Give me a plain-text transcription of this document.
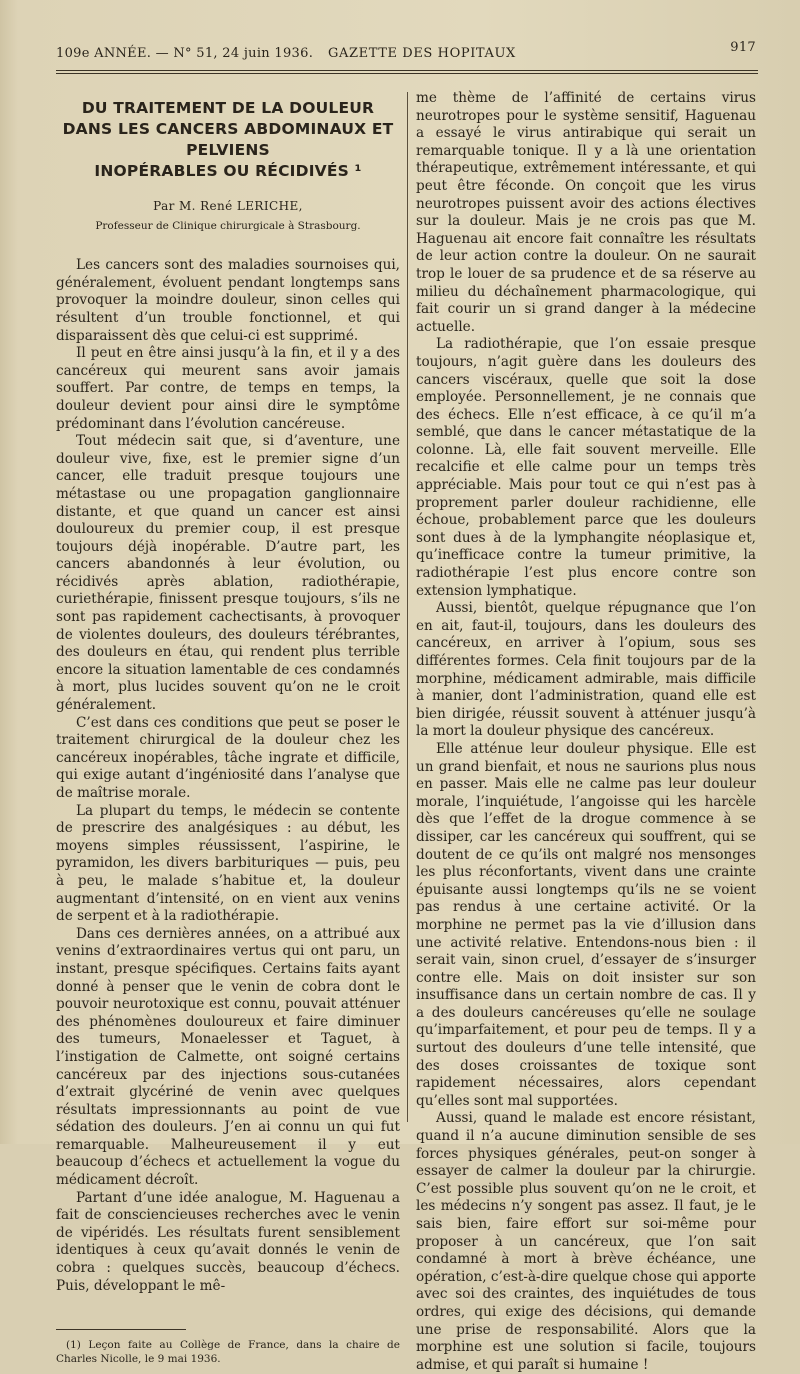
109e ANNÉE. — N° 51, 24 juin 1936. GAZETTE DES HOPITAUX	917
DU TRAITEMENT DE LA DOULEUR
DANS LES CANCERS ABDOMINAUX ET PELVIENS
INOPÉRABLES OU RÉCIDIVÉS ¹
Par M. René LERICHE,
Professeur de Clinique chirurgicale à Strasbourg.

Les cancers sont des maladies sournoises qui, généralement, évoluent pendant longtemps sans provoquer la moindre douleur, sinon celles qui résultent d’un trouble fonctionnel, et qui disparaissent dès que celui-ci est supprimé.

Il peut en être ainsi jusqu’à la fin, et il y a des cancéreux qui meurent sans avoir jamais souffert. Par contre, de temps en temps, la douleur devient pour ainsi dire le symptôme prédominant dans l’évolution cancéreuse.

Tout médecin sait que, si d’aventure, une douleur vive, fixe, est le premier signe d’un cancer, elle traduit presque toujours une métastase ou une propagation ganglionnaire distante, et que quand un cancer est ainsi douloureux du premier coup, il est presque toujours déjà inopérable. D’autre part, les cancers abandonnés à leur évolution, ou récidivés après ablation, radiothérapie, curiethérapie, finissent presque toujours, s’ils ne sont pas rapidement cachectisants, à provoquer de violentes douleurs, des douleurs térébrantes, des douleurs en étau, qui rendent plus terrible encore la situation lamentable de ces condamnés à mort, plus lucides souvent qu’on ne le croit généralement.

C’est dans ces conditions que peut se poser le traitement chirurgical de la douleur chez les cancéreux inopérables, tâche ingrate et difficile, qui exige autant d’ingéniosité dans l’analyse que de maîtrise morale.

La plupart du temps, le médecin se contente de prescrire des analgésiques : au début, les moyens simples réussissent, l’aspirine, le pyramidon, les divers barbituriques — puis, peu à peu, le malade s’habitue et, la douleur augmentant d’intensité, on en vient aux venins de serpent et à la radiothérapie.

Dans ces dernières années, on a attribué aux venins d’extraordinaires vertus qui ont paru, un instant, presque spécifiques. Certains faits ayant donné à penser que le venin de cobra dont le pouvoir neurotoxique est connu, pouvait atténuer des phénomènes douloureux et faire diminuer des tumeurs, Monaelesser et Taguet, à l’instigation de Calmette, ont soigné certains cancéreux par des injections sous-cutanées d’extrait glycériné de venin avec quelques résultats impressionnants au point de vue sédation des douleurs. J’en ai connu un qui fut remarquable. Malheureusement il y eut beaucoup d’échecs et actuellement la vogue du médicament décroît.

Partant d’une idée analogue, M. Haguenau a fait de consciencieuses recherches avec le venin de vipéridés. Les résultats furent sensiblement identiques à ceux qu’avait donnés le venin de cobra : quelques succès, beaucoup d’échecs. Puis, développant le mê-

(1) Leçon faite au Collège de France, dans la chaire de Charles Nicolle, le 9 mai 1936.

me thème de l’affinité de certains virus neurotropes pour le système sensitif, Haguenau a essayé le virus antirabique qui serait un remarquable tonique. Il y a là une orientation thérapeutique, extrêmement intéressante, et qui peut être féconde. On conçoit que les virus neurotropes puissent avoir des actions électives sur la douleur. Mais je ne crois pas que M. Haguenau ait encore fait connaître les résultats de leur action contre la douleur. On ne saurait trop le louer de sa prudence et de sa réserve au milieu du déchaînement pharmacologique, qui fait courir un si grand danger à la médecine actuelle.

La radiothérapie, que l’on essaie presque toujours, n’agit guère dans les douleurs des cancers viscéraux, quelle que soit la dose employée. Personnellement, je ne connais que des échecs. Elle n’est efficace, à ce qu’il m’a semblé, que dans le cancer métastatique de la colonne. Là, elle fait souvent merveille. Elle recalcifie et elle calme pour un temps très appréciable. Mais pour tout ce qui n’est pas à proprement parler douleur rachidienne, elle échoue, probablement parce que les douleurs sont dues à de la lymphangite néoplasique et, qu’inefficace contre la tumeur primitive, la radiothérapie l’est plus encore contre son extension lymphatique.

Aussi, bientôt, quelque répugnance que l’on en ait, faut-il, toujours, dans les douleurs des cancéreux, en arriver à l’opium, sous ses différentes formes. Cela finit toujours par de la morphine, médicament admirable, mais difficile à manier, dont l’administration, quand elle est bien dirigée, réussit souvent à atténuer jusqu’à la mort la douleur physique des cancéreux.

Elle atténue leur douleur physique. Elle est un grand bienfait, et nous ne saurions plus nous en passer. Mais elle ne calme pas leur douleur morale, l’inquiétude, l’angoisse qui les harcèle dès que l’effet de la drogue commence à se dissiper, car les cancéreux qui souffrent, qui se doutent de ce qu’ils ont malgré nos mensonges les plus réconfortants, vivent dans une crainte épuisante aussi longtemps qu’ils ne se voient pas rendus à une certaine activité. Or la morphine ne permet pas la vie d’illusion dans une activité relative. Entendons-nous bien : il serait vain, sinon cruel, d’essayer de s’insurger contre elle. Mais on doit insister sur son insuffisance dans un certain nombre de cas. Il y a des douleurs cancéreuses qu’elle ne soulage qu’imparfaitement, et pour peu de temps. Il y a surtout des douleurs d’une telle intensité, que des doses croissantes de toxique sont rapidement nécessaires, alors cependant qu’elles sont mal supportées.

Aussi, quand le malade est encore résistant, quand il n’a aucune diminution sensible de ses forces physiques générales, peut-on songer à essayer de calmer la douleur par la chirurgie. C’est possible plus souvent qu’on ne le croit, et les médecins n’y songent pas assez. Il faut, je le sais bien, faire effort sur soi-même pour proposer à un cancéreux, que l’on sait condamné à mort à brève échéance, une opération, c’est-à-dire quelque chose qui apporte avec soi des craintes, des inquiétudes de tous ordres, qui exige des décisions, qui demande une prise de responsabilité. Alors que la morphine est une solution si facile, toujours admise, et qui paraît si humaine !
